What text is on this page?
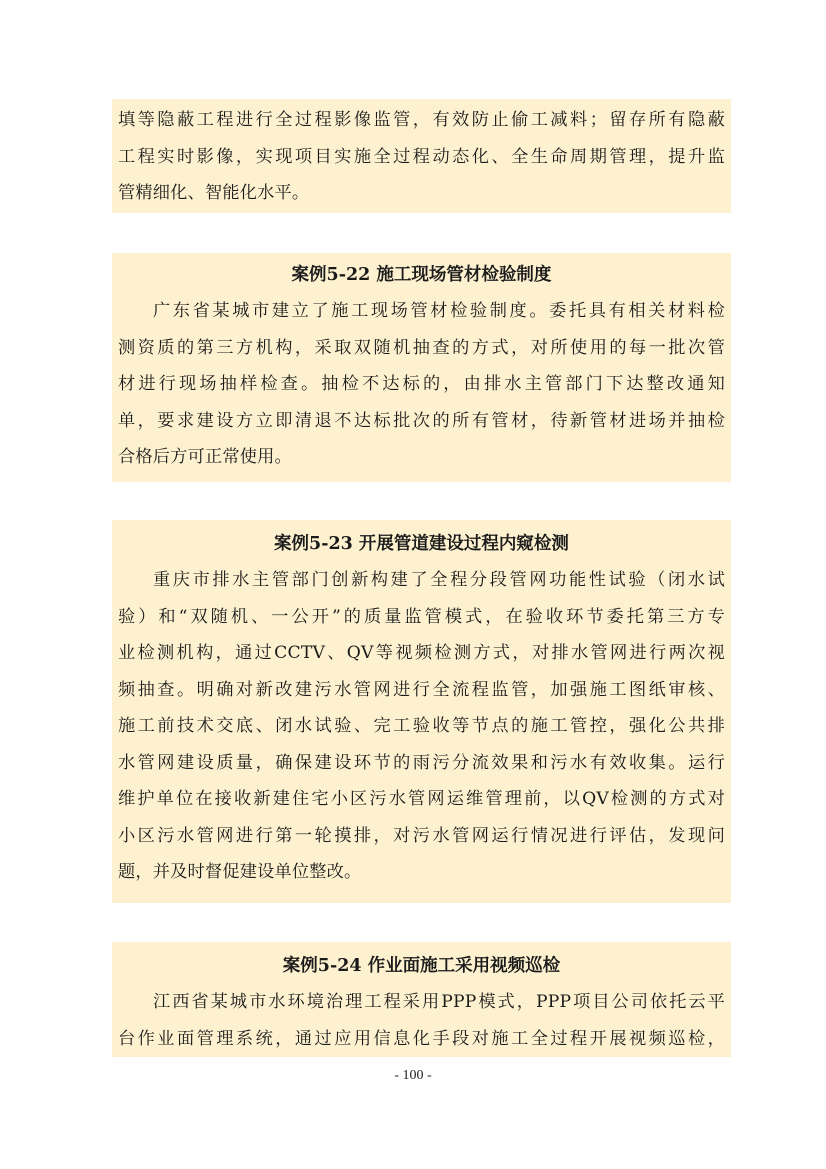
填等隐蔽工程进行全过程影像监管，有效防止偷工减料；留存所有隐蔽
工程实时影像，实现项目实施全过程动态化、全生命周期管理，提升监
管精细化、智能化水平。
案例5-22 施工现场管材检验制度
广东省某城市建立了施工现场管材检验制度。委托具有相关材料检
测资质的第三方机构，采取双随机抽查的方式，对所使用的每一批次管
材进行现场抽样检查。抽检不达标的，由排水主管部门下达整改通知
单，要求建设方立即清退不达标批次的所有管材，待新管材进场并抽检
合格后方可正常使用。
案例5-23 开展管道建设过程内窥检测
重庆市排水主管部门创新构建了全程分段管网功能性试验（闭水试
验）和“双随机、一公开”的质量监管模式，在验收环节委托第三方专
业检测机构，通过CCTV、QV等视频检测方式，对排水管网进行两次视
频抽查。明确对新改建污水管网进行全流程监管，加强施工图纸审核、
施工前技术交底、闭水试验、完工验收等节点的施工管控，强化公共排
水管网建设质量，确保建设环节的雨污分流效果和污水有效收集。运行
维护单位在接收新建住宅小区污水管网运维管理前，以QV检测的方式对
小区污水管网进行第一轮摸排，对污水管网运行情况进行评估，发现问
题，并及时督促建设单位整改。
案例5-24 作业面施工采用视频巡检
江西省某城市水环境治理工程采用PPP模式，PPP项目公司依托云平
台作业面管理系统，通过应用信息化手段对施工全过程开展视频巡检，
- 100 -
